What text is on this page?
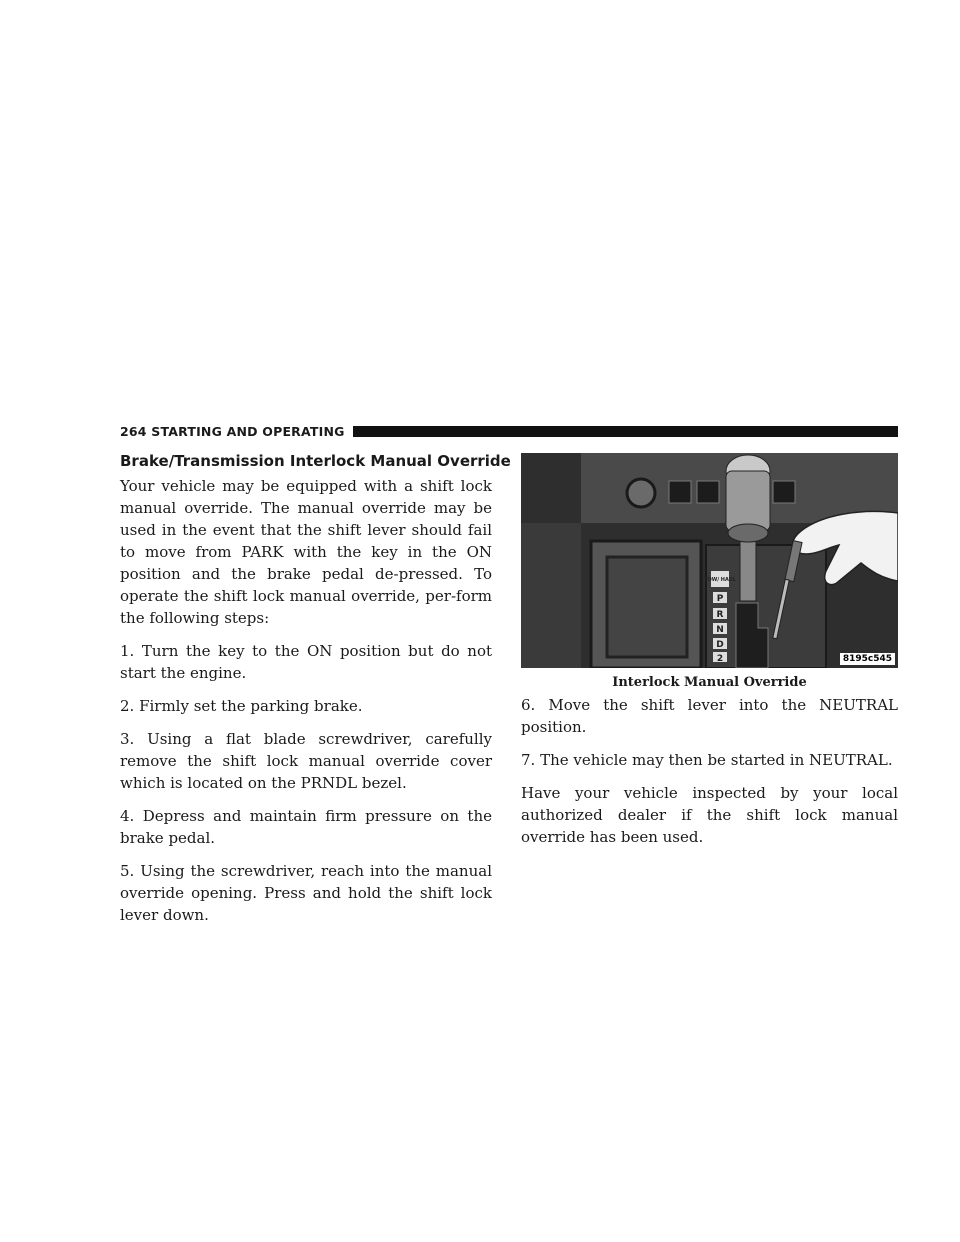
264 STARTING AND OPERATING
Brake/Transmission Interlock Manual Override

Your vehicle may be equipped with a shift lock manual override. The manual override may be used in the event that the shift lever should fail to move from PARK with the key in the ON position and the brake pedal de-pressed. To operate the shift lock manual override, per-form the following steps:

1. Turn the key to the ON position but do not start the engine.

2. Firmly set the parking brake.

3. Using a flat blade screwdriver, carefully remove the shift lock manual override cover which is located on the PRNDL bezel.

4. Depress and maintain firm pressure on the brake pedal.

5. Using the screwdriver, reach into the manual override opening. Press and hold the shift lock lever down.

TOW/ HAUL
P
R
N
D
2	8195c545
Interlock Manual Override

6. Move the shift lever into the NEUTRAL position.

7. The vehicle may then be started in NEUTRAL.

Have your vehicle inspected by your local authorized dealer if the shift lock manual override has been used.
